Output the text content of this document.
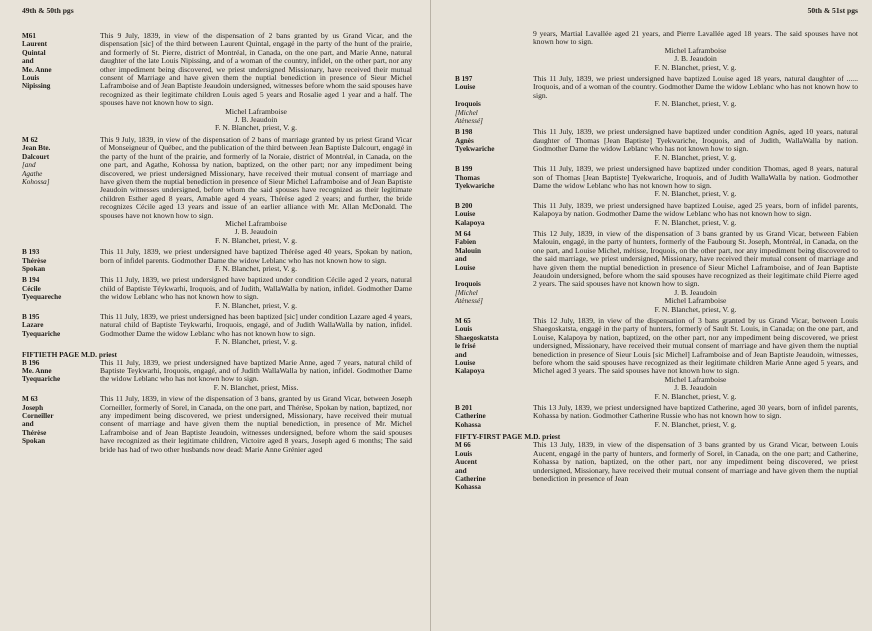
49th & 50th pgs
M61
Laurent
Quintal
and
Me. Anne
Louis
Nipissing
This 9 July, 1839, in view of the dispensation of 2 bans granted by us Grand Vicar, and the dispensation [sic] of the third between Laurent Quintal, engagé in the party of the hunt of the prairie, and formerly of St. Pierre, district of Montréal, in Canada, on the one part, and Marie Anne, natural daughter of the late Louis Nipissing, and of a woman of the country, infidel, on the other part, nor any other impediment being discovered, we priest undersigned Missionary, have received their mutual consent of Marriage and have given them the nuptial benediction in presence of Sieur Michel Laframboise and of Jean Baptiste Jeaudoin undersigned, witnesses before whom the said spouses have recognized as their legitimate children Louis aged 5 years and Rosalie aged 1 year and a half. The spouses have not known how to sign.
Michel Laframboise
J. B. Jeaudoin
F. N. Blanchet, priest, V. g.
M 62
Jean Bte.
Dalcourt
[and
Agathe
Kohossa]
This 9 July, 1839, in view of the dispensation of 2 bans of marriage granted by us priest Grand Vicar of Monseigneur of Québec, and the publication of the third between Jean Baptiste Dalcourt, engagé in the party of the hunt of the prairie, and formerly of la Noraie, district of Montréal, in Canada, on the one part, and Agathe, Kohossa by nation, baptized, on the other part; nor any impediment being discovered, we priest undersigned Missionary, have received their mutual consent of marriage and have given them the nuptial benediction in presence of Sieur Michel Laframboise and of Jean Baptiste Jeaudoin witnesses undersigned, before whom the said spouses have recognized as their legitimate children Esther aged 8 years, Amable aged 4 years, Thérèse aged 2 years; and further, the bride recognizes Cécile aged 13 years and issue of an earlier alliance with Mr. Allan McDonald. The spouses have not known how to sign.
Michel Laframboise
J. B. Jeaudoin
F. N. Blanchet, priest, V. g.
B 193
Thérèse
Spokan
This 11 July, 1839, we priest undersigned have baptized Thérèse aged 40 years, Spokan by nation, born of infidel parents. Godmother Dame the widow Leblanc who has not known how to sign.
F. N. Blanchet, priest, V. g.
B 194
Cécile
Tyequareche
This 11 July, 1839, we priest undersigned have baptized under condition Cécile aged 2 years, natural child of Baptiste Téykwarhi, Iroquois, and of Judith, WallaWalla by nation, infidel. Godmother Dame the widow Leblanc who has not known how to sign.
F. N. Blanchet, priest, V. g.
B 195
Lazare
Tyequariche
This 11 July, 1839, we priest undersigned has been baptized [sic] under condition Lazare aged 4 years, natural child of Baptiste Teykwarhi, Iroquois, engagé, and of Judith WallaWalla by nation, infidel. Godmother Dame the widow Leblanc who has not known how to sign.
F. N. Blanchet, priest, V. g.
FIFTIETH PAGE M.D. priest
B 196
Me. Anne
Tyequariche
This 11 July, 1839, we priest undersigned have baptized Marie Anne, aged 7 years, natural child of Baptiste Teykwarhi, Iroquois, engagé, and of Judith WallaWalla by nation, infidel. Godmother Dame the widow Leblanc who has not known how to sign.
F. N. Blanchet, priest, Miss.
M 63
Joseph
Corneiller
and
Thérèse
Spokan
This 11 July, 1839, in view of the dispensation of 3 bans, granted by us Grand Vicar, between Joseph Corneiller, formerly of Sorel, in Canada, on the one part, and Thérèse, Spokan by nation, baptized, nor any impediment being discovered, we priest undersigned, Missionary, have received their mutual consent of marriage and have given them the nuptial benediction, in presence of Mr. Michel Laframboise and of Jean Baptiste Jeaudoin, witnesses undersigned, before whom the said spouses have recognized as their legitimate children, Victoire aged 8 years, Joseph aged 6 months; The said bride has had of two other husbands now dead: Marie Anne Grénier aged
50th & 51st pgs
9 years, Martial Lavallée aged 21 years, and Pierre Lavallée aged 18 years. The said spouses have not known how to sign.
Michel Laframboise
J. B. Jeaudoin
F. N. Blanchet, priest, V. g.
B 197
Louise

Iroquois
[Michel
Atènessé]
This 11 July, 1839, we priest undersigned have baptized Louise aged 18 years, natural daughter of ...... Iroquois, and of a woman of the country. Godmother Dame the widow Leblanc who has not known how to sign.
F. N. Blanchet, priest, V. g.
B 198
Agnès
Tyekwariche
This 11 July, 1839, we priest undersigned have baptized under condition Agnès, aged 10 years, natural daughter of Thomas [Jean Baptiste] Tyekwariche, Iroquois, and of Judith, WallaWalla by nation. Godmother Dame the widow Leblanc who has not known how to sign.
F. N. Blanchet, priest, V. g.
B 199
Thomas
Tyekwariche
This 11 July, 1839, we priest undersigned have baptized under condition Thomas, aged 8 years, natural son of Thomas [Jean Baptiste] Tyekwariche, Iroquois, and of Judith WallaWalla by nation. Godmother Dame the widow Leblanc who has not known how to sign.
F. N. Blanchet, priest, V. g.
B 200
Louise
Kalapoya
This 11 July, 1839, we priest undersigned have baptized Louise, aged 25 years, born of infidel parents, Kalapoya by nation. Godmother Dame the widow Leblanc who has not known how to sign.
F. N. Blanchet, priest, V. g.
M 64
Fabien
Malouin
and
Louise

Iroquois
[Michel
Atènessé]
This 12 July, 1839, in view of the dispensation of 3 bans granted by us Grand Vicar, between Fabien Malouin, engagé, in the party of hunters, formerly of the Faubourg St. Joseph, Montréal, in Canada, on the one part, and Louise Michel, métisse, Iroquois, on the other part, nor any impediment being discovered to the said marriage, we priest undersigned, Missionary, have received their mutual consent of marriage and have given them the nuptial benediction in presence of Sieur Michel Laframboise, and of Jean Baptiste Jeaudoin undersigned, before whom the said spouses have recognized as their legitimate child Pierre aged 2 years. The said spouses have not known how to sign.
J. B. Jeaudoin
Michel Laframboise
F. N. Blanchet, priest, V. g.
M 65
Louis
Shaegoskatsta
le frisé
and
Louise
Kalapoya
This 12 July, 1839, in view of the dispensation of 3 bans granted by us Grand Vicar, between Louis Shaegoskatsta, engagé in the party of hunters, formerly of Sault St. Louis, in Canada; on the one part, and Louise, Kalapoya by nation, baptized, on the other part, nor any impediment being discovered, we priest undersigned, Missionary, have received their mutual consent of marriage and have given them the nuptial benediction in presence of Sieur Louis [sic Michel] Laframboise and of Jean Baptiste Jeaudoin, witnesses, before whom the said spouses have recognized as their legitimate children Marie Anne aged 5 years, and Michel aged 3 years. The said spouses have not known how to sign.
Michel Laframboise
J. B. Jeaudoin
F. N. Blanchet, priest, V. g.
B 201
Catherine
Kohassa
This 13 July, 1839, we priest undersigned have baptized Catherine, aged 30 years, born of infidel parents, Kohassa by nation. Godmother Catherine Russie who has not known how to sign.
F. N. Blanchet, priest, V. g.
FIFTY-FIRST PAGE M.D. priest
M 66
Louis
Aucent
and
Catherine
Kohassa
This 13 July, 1839, in view of the dispensation of 3 bans granted by us Grand Vicar, between Louis Aucent, engagé in the party of hunters, and formerly of Sorel, in Canada, on the one part; and Catherine, Kohassa by nation, baptized, on the other part, nor any impediment being discovered, we priest undersigned, Missionary, have received their mutual consent of marriage and have given them the nuptial benediction in presence of Jean
